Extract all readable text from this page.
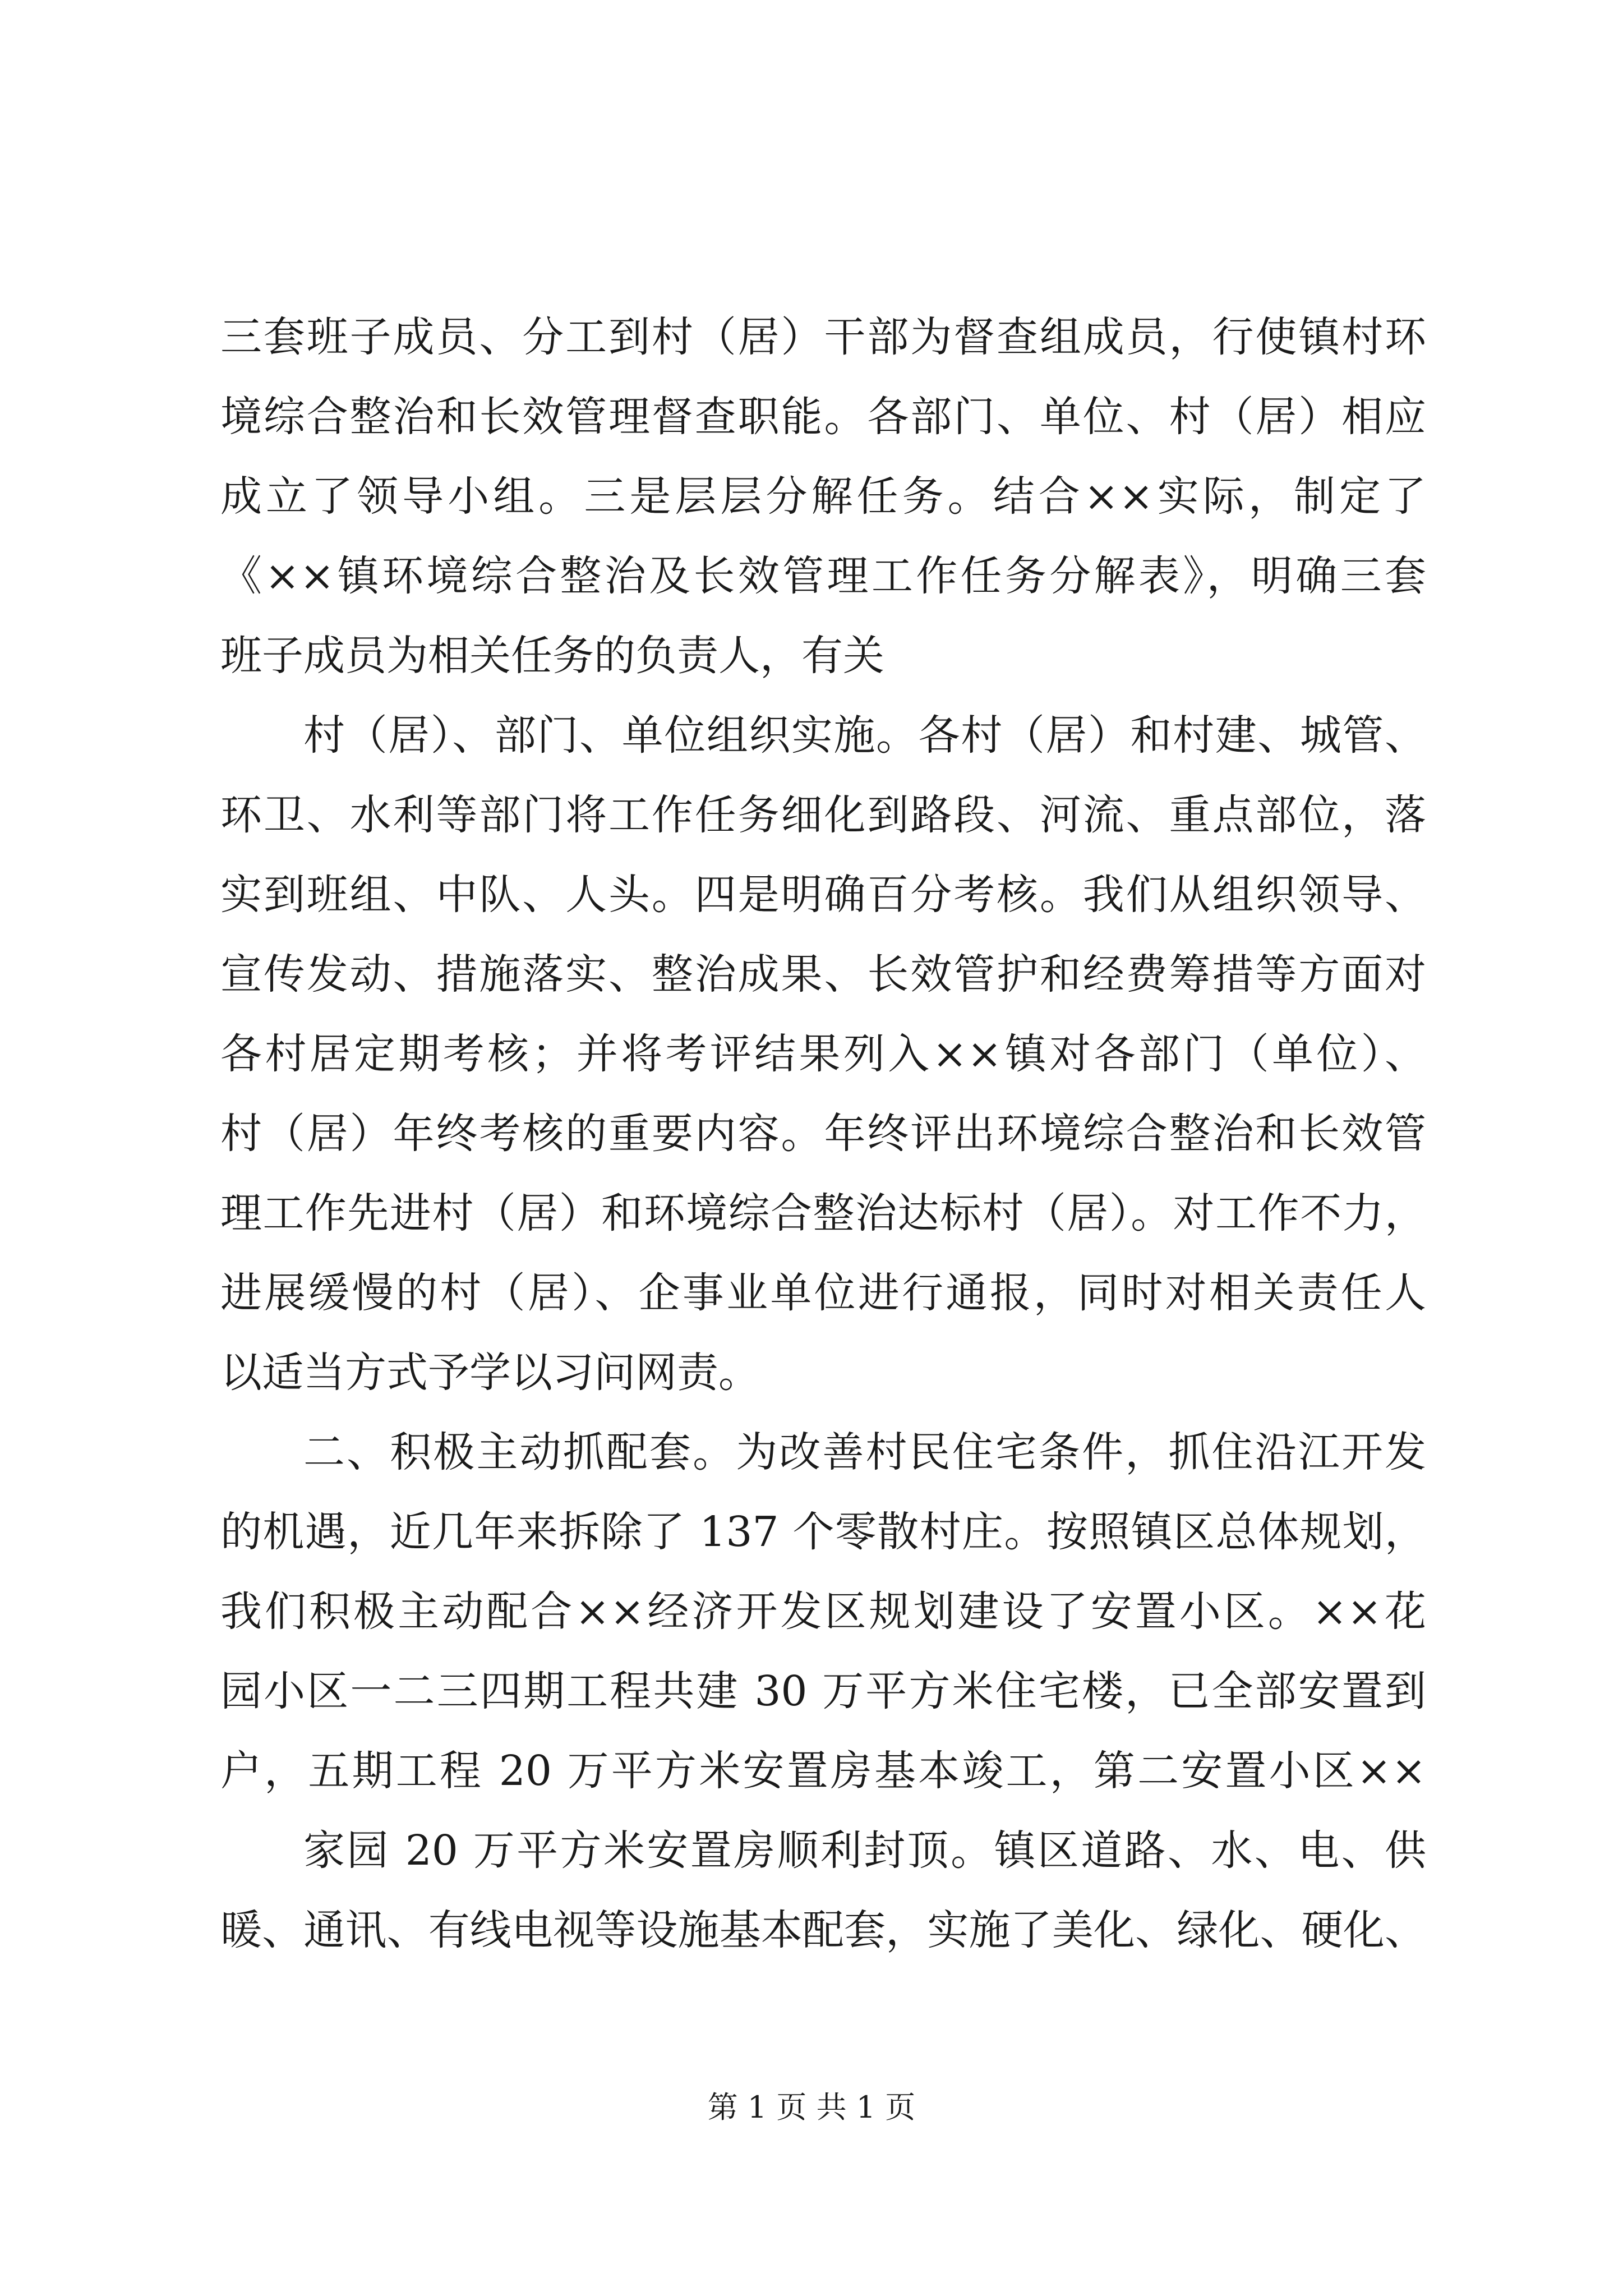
三套班子成员、分工到村（居）干部为督查组成员，行使镇村环
境综合整治和长效管理督查职能。各部门、单位、村（居）相应
成立了领导小组。三是层层分解任务。结合××实际，制定了
《××镇环境综合整治及长效管理工作任务分解表》，明确三套
班子成员为相关任务的负责人，有关
村（居）、部门、单位组织实施。各村（居）和村建、城管、
环卫、水利等部门将工作任务细化到路段、河流、重点部位，落
实到班组、中队、人头。四是明确百分考核。我们从组织领导、
宣传发动、措施落实、整治成果、长效管护和经费筹措等方面对
各村居定期考核；并将考评结果列入××镇对各部门（单位）、
村（居）年终考核的重要内容。年终评出环境综合整治和长效管
理工作先进村（居）和环境综合整治达标村（居）。对工作不力，
进展缓慢的村（居）、企事业单位进行通报，同时对相关责任人
以适当方式予学以习问网责。
二、积极主动抓配套。为改善村民住宅条件，抓住沿江开发
的机遇，近几年来拆除了 137 个零散村庄。按照镇区总体规划，
我们积极主动配合××经济开发区规划建设了安置小区。××花
园小区一二三四期工程共建 30 万平方米住宅楼，已全部安置到
户，五期工程 20 万平方米安置房基本竣工，第二安置小区××
家园 20 万平方米安置房顺利封顶。镇区道路、水、电、供
暖、通讯、有线电视等设施基本配套，实施了美化、绿化、硬化、
第 1 页 共 1 页
